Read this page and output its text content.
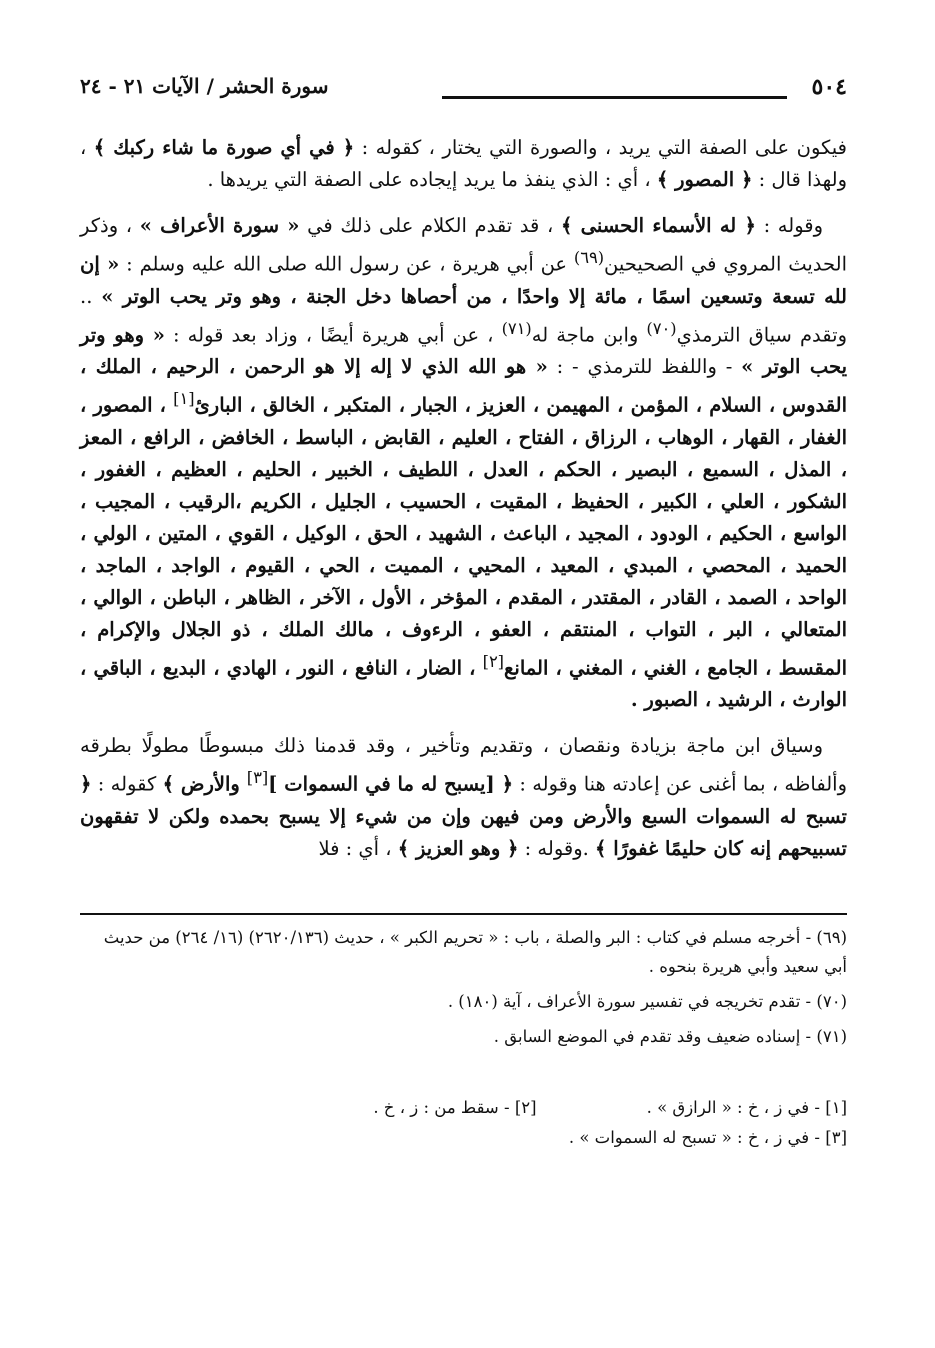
٥٠٤
سورة الحشر / الآيات ٢١ - ٢٤

فيكون على الصفة التي يريد ، والصورة التي يختار ، كقوله : ﴿ في أي صورة ما شاء ركبك ﴾ ، ولهذا قال : ﴿ المصور ﴾ ، أي : الذي ينفذ ما يريد إيجاده على الصفة التي يريدها .

وقوله : ﴿ له الأسماء الحسنى ﴾ ، قد تقدم الكلام على ذلك في « سورة الأعراف » ، وذكر الحديث المروي في الصحيحين$^{(٦٩)}$ عن أبي هريرة ، عن رسول الله صلى الله عليه وسلم : « إن لله تسعة وتسعين اسمًا ، مائة إلا واحدًا ، من أحصاها دخل الجنة ، وهو وتر يحب الوتر » .. وتقدم سياق الترمذي$^{(٧٠)}$ وابن ماجة له$^{(٧١)}$ ، عن أبي هريرة أيضًا ، وزاد بعد قوله : « وهو وتر يحب الوتر » - واللفظ للترمذي - : « هو الله الذي لا إله إلا هو الرحمن ، الرحيم ، الملك ، القدوس ، السلام ، المؤمن ، المهيمن ، العزيز ، الجبار ، المتكبر ، الخالق ، البارئ[١] ، المصور ، الغفار ، القهار ، الوهاب ، الرزاق ، الفتاح ، العليم ، القابض ، الباسط ، الخافض ، الرافع ، المعز ، المذل ، السميع ، البصير ، الحكم ، العدل ، اللطيف ، الخبير ، الحليم ، العظيم ، الغفور ، الشكور ، العلي ، الكبير ، الحفيظ ، المقيت ، الحسيب ، الجليل ، الكريم ،الرقيب ، المجيب ، الواسع ، الحكيم ، الودود ، المجيد ، الباعث ، الشهيد ، الحق ، الوكيل ، القوي ، المتين ، الولي ، الحميد ، المحصي ، المبدي ، المعيد ، المحيي ، المميت ، الحي ، القيوم ، الواجد ، الماجد ، الواحد ، الصمد ، القادر ، المقتدر ، المقدم ، المؤخر ، الأول ، الآخر ، الظاهر ، الباطن ، الوالي ، المتعالي ، البر ، التواب ، المنتقم ، العفو ، الرءوف ، مالك الملك ، ذو الجلال والإكرام ، المقسط ، الجامع ، الغني ، المغني ، المانع[٢] ، الضار ، النافع ، النور ، الهادي ، البديع ، الباقي ، الوارث ، الرشيد ، الصبور .

وسياق ابن ماجة بزيادة ونقصان ، وتقديم وتأخير ، وقد قدمنا ذلك مبسوطًا مطولًا بطرقه وألفاظه ، بما أغنى عن إعادته هنا وقوله : ﴿ [يسبح له ما في السموات ][٣] والأرض ﴾ كقوله : ﴿ تسبح له السموات السبع والأرض ومن فيهن وإن من شيء إلا يسبح بحمده ولكن لا تفقهون تسبيحهم إنه كان حليمًا غفورًا ﴾ .وقوله : ﴿ وهو العزيز ﴾ ، أي : فلا

(٦٩) - أخرجه مسلم في كتاب : البر والصلة ، باب : « تحريم الكبر » ، حديث (٢٦٢٠/١٣٦) (١٦/ ٢٦٤) من حديث أبي سعيد وأبي هريرة بنحوه .

(٧٠) - تقدم تخريجه في تفسير سورة الأعراف ، آية (١٨٠) .

(٧١) - إسناده ضعيف وقد تقدم في الموضع السابق .

[١] - في ز ، خ : « الرازق » .
[٢] - سقط من : ز ، خ .
[٣] - في ز ، خ : « تسبح له السموات » .
